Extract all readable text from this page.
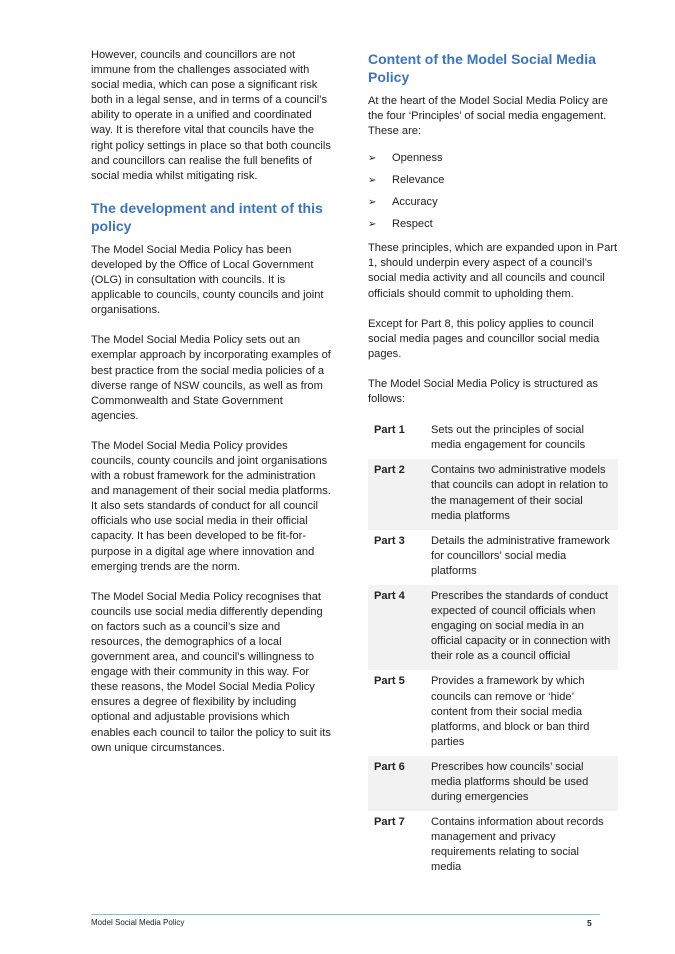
However, councils and councillors are not immune from the challenges associated with social media, which can pose a significant risk both in a legal sense, and in terms of a council’s ability to operate in a unified and coordinated way. It is therefore vital that councils have the right policy settings in place so that both councils and councillors can realise the full benefits of social media whilst mitigating risk.

The development and intent of this policy

The Model Social Media Policy has been developed by the Office of Local Government (OLG) in consultation with councils. It is applicable to councils, county councils and joint organisations.

The Model Social Media Policy sets out an exemplar approach by incorporating examples of best practice from the social media policies of a diverse range of NSW councils, as well as from Commonwealth and State Government agencies.

The Model Social Media Policy provides councils, county councils and joint organisations with a robust framework for the administration and management of their social media platforms. It also sets standards of conduct for all council officials who use social media in their official capacity. It has been developed to be fit-for-purpose in a digital age where innovation and emerging trends are the norm.

The Model Social Media Policy recognises that councils use social media differently depending on factors such as a council’s size and resources, the demographics of a local government area, and council’s willingness to engage with their community in this way. For these reasons, the Model Social Media Policy ensures a degree of flexibility by including optional and adjustable provisions which enables each council to tailor the policy to suit its own unique circumstances.

Content of the Model Social Media Policy

At the heart of the Model Social Media Policy are the four ‘Principles’ of social media engagement. These are:

➢	Openness
➢	Relevance
➢	Accuracy
➢	Respect

These principles, which are expanded upon in Part 1, should underpin every aspect of a council’s social media activity and all councils and council officials should commit to upholding them.

Except for Part 8, this policy applies to council social media pages and councillor social media pages.

The Model Social Media Policy is structured as follows:

Part 1	Sets out the principles of social media engagement for councils
Part 2	Contains two administrative models that councils can adopt in relation to the management of their social media platforms
Part 3	Details the administrative framework for councillors’ social media platforms
Part 4	Prescribes the standards of conduct expected of council officials when engaging on social media in an official capacity or in connection with their role as a council official
Part 5	Provides a framework by which councils can remove or ‘hide’ content from their social media platforms, and block or ban third parties
Part 6	Prescribes how councils’ social media platforms should be used during emergencies
Part 7	Contains information about records management and privacy requirements relating to social media
Model Social Media Policy	5
